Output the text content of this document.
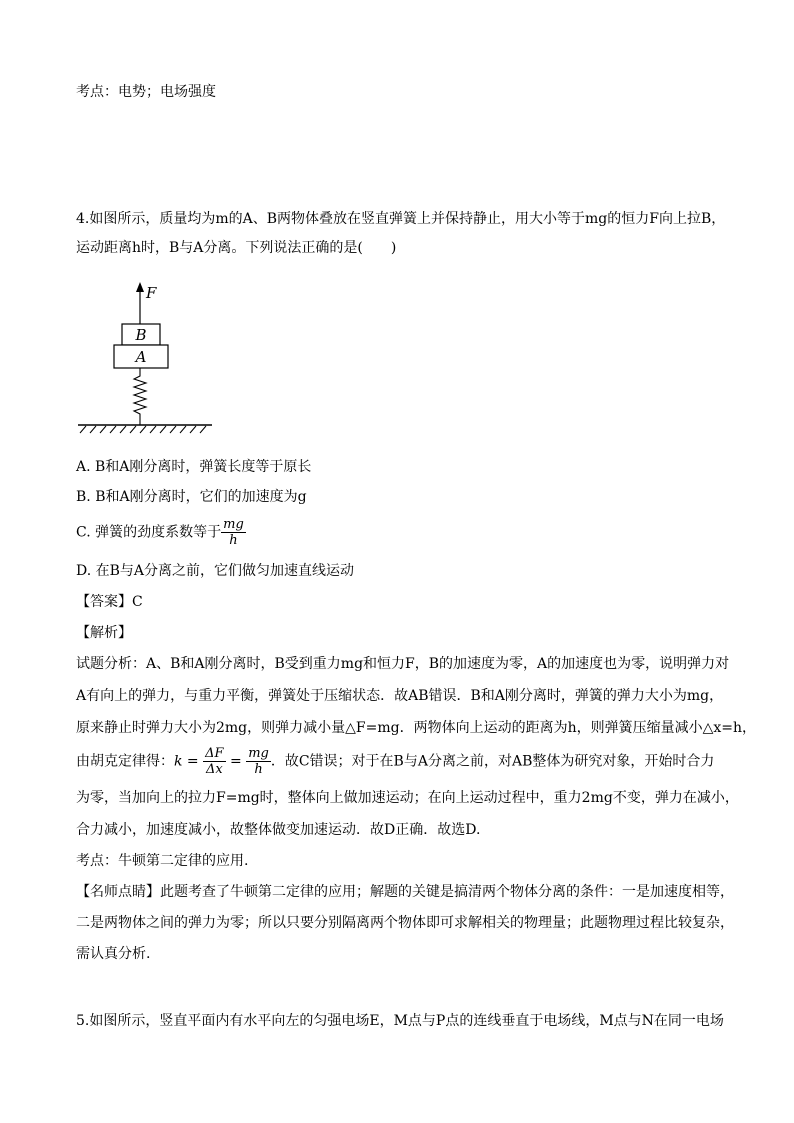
考点：电势；电场强度
4.如图所示，质量均为m的A、B两物体叠放在竖直弹簧上并保持静止，用大小等于mg的恒力F向上拉B，
运动距离h时，B与A分离。下列说法正确的是(　　)
F
B
A
A. B和A刚分离时，弹簧长度等于原长
B. B和A刚分离时，它们的加速度为g
C. 弹簧的劲度系数等于 $\frac{mg}{h}$
D. 在B与A分离之前，它们做匀加速直线运动
【答案】C
【解析】
试题分析：A、B和A刚分离时，B受到重力mg和恒力F，B的加速度为零，A的加速度也为零，说明弹力对
A有向上的弹力，与重力平衡，弹簧处于压缩状态．故AB错误．B和A刚分离时，弹簧的弹力大小为mg，
原来静止时弹力大小为2mg，则弹力减小量△F=mg．两物体向上运动的距离为h，则弹簧压缩量减小△x=h，
由胡克定律得：$k = \frac{\Delta F}{\Delta x} = \frac{mg}{h}$ ．故C错误；对于在B与A分离之前，对AB整体为研究对象，开始时合力
为零，当加向上的拉力F=mg时，整体向上做加速运动；在向上运动过程中，重力2mg不变，弹力在减小，
合力减小，加速度减小，故整体做变加速运动．故D正确．故选D.
考点：牛顿第二定律的应用.
【名师点睛】此题考查了牛顿第二定律的应用；解题的关键是搞清两个物体分离的条件：一是加速度相等，
二是两物体之间的弹力为零；所以只要分别隔离两个物体即可求解相关的物理量；此题物理过程比较复杂，
需认真分析.
5.如图所示，竖直平面内有水平向左的匀强电场E，M点与P点的连线垂直于电场线，M点与N在同一电场
